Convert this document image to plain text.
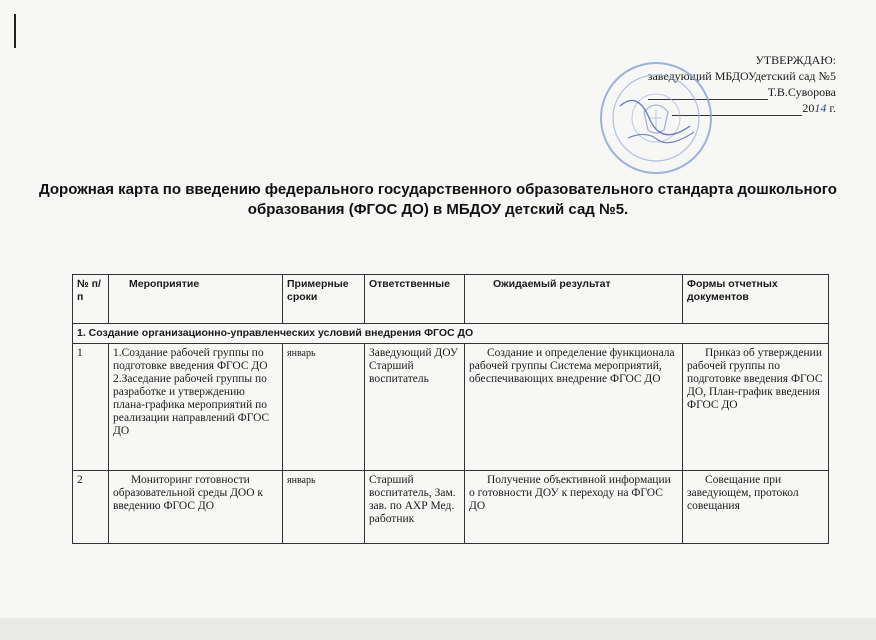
УТВЕРЖДАЮ:
заведующий МБДОУдетский сад №5
Т.В.Суворова
2014 г.
Дорожная карта по введению федерального государственного образовательного стандарта дошкольного образования (ФГОС ДО) в МБДОУ детский сад №5.
№ п/п	Мероприятие	Примерные сроки	Ответственные	Ожидаемый результат	Формы отчетных документов
1. Создание организационно-управленческих условий внедрения ФГОС ДО					
1	1.Создание рабочей группы по подготовке введения ФГОС ДО 2.Заседание рабочей группы по разработке и утверждению плана-графика мероприятий по реализации направлений ФГОС ДО	январь	Заведующий ДОУ Старший воспитатель	Создание и определение функционала рабочей группы Система мероприятий, обеспечивающих внедрение ФГОС ДО	Приказ об утверждении рабочей группы по подготовке введения ФГОС ДО, План-график введения ФГОС ДО
2	Мониторинг готовности образовательной среды ДОО к введению ФГОС ДО	январь	Старший воспитатель, Зам. зав. по АХР Мед. работник	Получение объективной информации о готовности ДОУ к переходу на ФГОС ДО	Совещание при заведующем, протокол совещания
